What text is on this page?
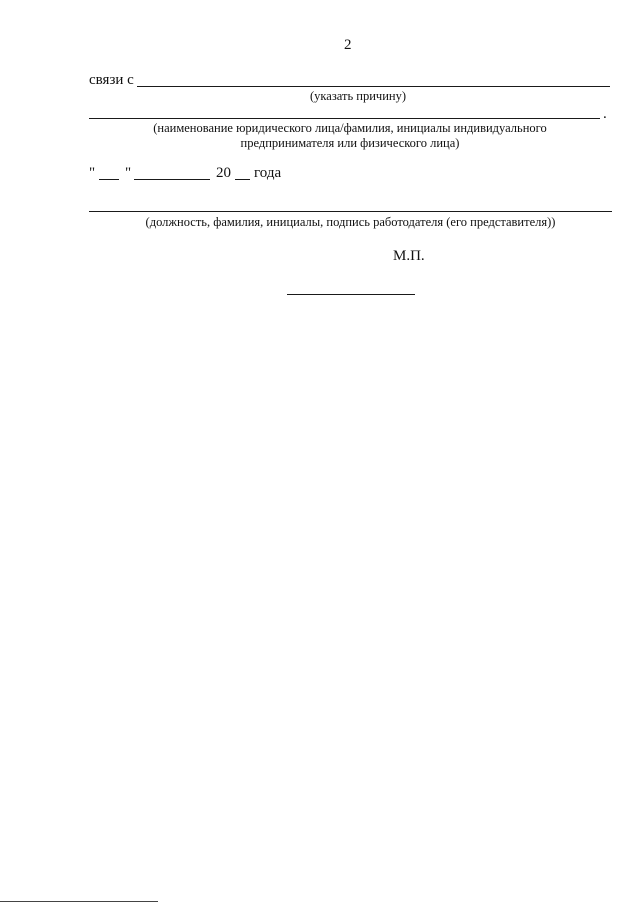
2
связи с
(указать причину)
.
(наименование юридического лица/фамилия, инициалы индивидуального
предпринимателя или физического лица)
" "	20 года
(должность, фамилия, инициалы, подпись работодателя (его представителя))
М.П.
